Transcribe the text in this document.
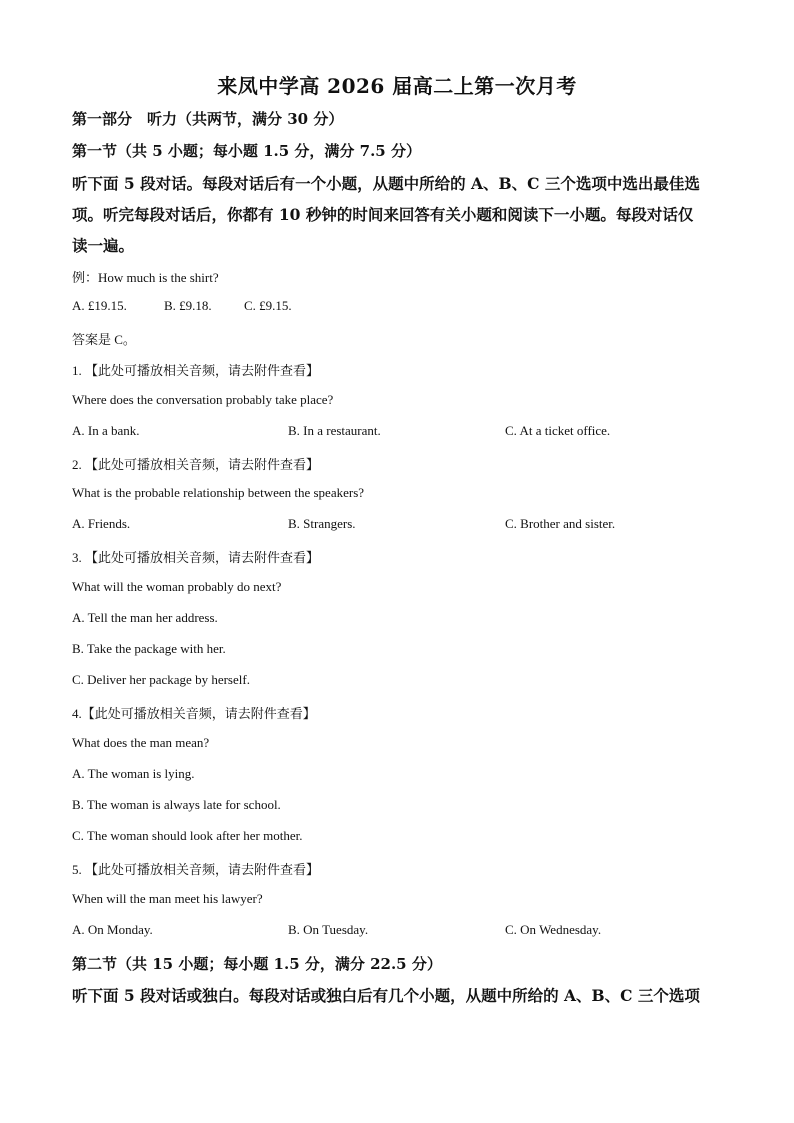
来凤中学高 2026 届高二上第一次月考
第一部分　听力（共两节，满分 30 分）
第一节（共 5 小题；每小题 1.5 分，满分 7.5 分）
听下面 5 段对话。每段对话后有一个小题，从题中所给的 A、B、C 三个选项中选出最佳选
项。听完每段对话后，你都有 10 秒钟的时间来回答有关小题和阅读下一小题。每段对话仅
读一遍。
例：How much is the shirt?
A. £19.15.	B. £9.18. C. £9.15.
答案是 C。
1. 【此处可播放相关音频，请去附件查看】
Where does the conversation probably take place?
A. In a bank.	B. In a restaurant.	C. At a ticket office.
2. 【此处可播放相关音频，请去附件查看】
What is the probable relationship between the speakers?
A. Friends.	B. Strangers.	C. Brother and sister.
3. 【此处可播放相关音频，请去附件查看】
What will the woman probably do next?
A. Tell the man her address.
B. Take the package with her.
C. Deliver her package by herself.
4.【此处可播放相关音频，请去附件查看】
What does the man mean?
A. The woman is lying.
B. The woman is always late for school.
C. The woman should look after her mother.
5. 【此处可播放相关音频，请去附件查看】
When will the man meet his lawyer?
A. On Monday.	B. On Tuesday.	C. On Wednesday.
第二节（共 15 小题；每小题 1.5 分，满分 22.5 分）
听下面 5 段对话或独白。每段对话或独白后有几个小题，从题中所给的 A、B、C 三个选项
